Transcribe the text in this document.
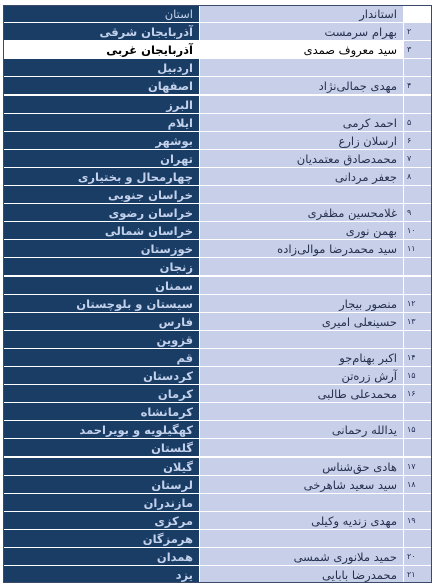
استان	استاندار
آذربایجان شرقی	بهرام سرمست	۲
آذربایجان غربی	سید معروف صمدی	۳
اردبیل
اصفهان	مهدی جمالی‌نژاد	۴
البرز
ایلام	احمد کرمی	۵
بوشهر	ارسلان زارع	۶
تهران	محمدصادق معتمدیان	۷
چهارمحال و بختیاری	جعفر مردانی	۸
خراسان جنوبی
خراسان رضوی	غلامحسین مظفری	۹
خراسان شمالی	بهمن نوری	۱۰
خوزستان	سید محمدرضا موالی‌زاده	۱۱
زنجان
سمنان
سیستان و بلوچستان	منصور بیجار	۱۲
فارس	حسینعلی امیری	۱۳
قزوین
قم	اکبر بهنام‌جو	۱۴
کردستان	آرش زره‌تن	۱۵
کرمان	محمدعلی طالبی	۱۶
کرمانشاه
کهگیلویه و بویراحمد	یدالله رحمانی	۱۵
گلستان
گیلان	هادی حق‌شناس	۱۷
لرستان	سید سعید شاهرخی	۱۸
مازندران
مرکزی	مهدی زندیه وکیلی	۱۹
هرمزگان
همدان	حمید ملانوری شمسی	۲۰
یزد	محمدرضا بابایی	۲۱
